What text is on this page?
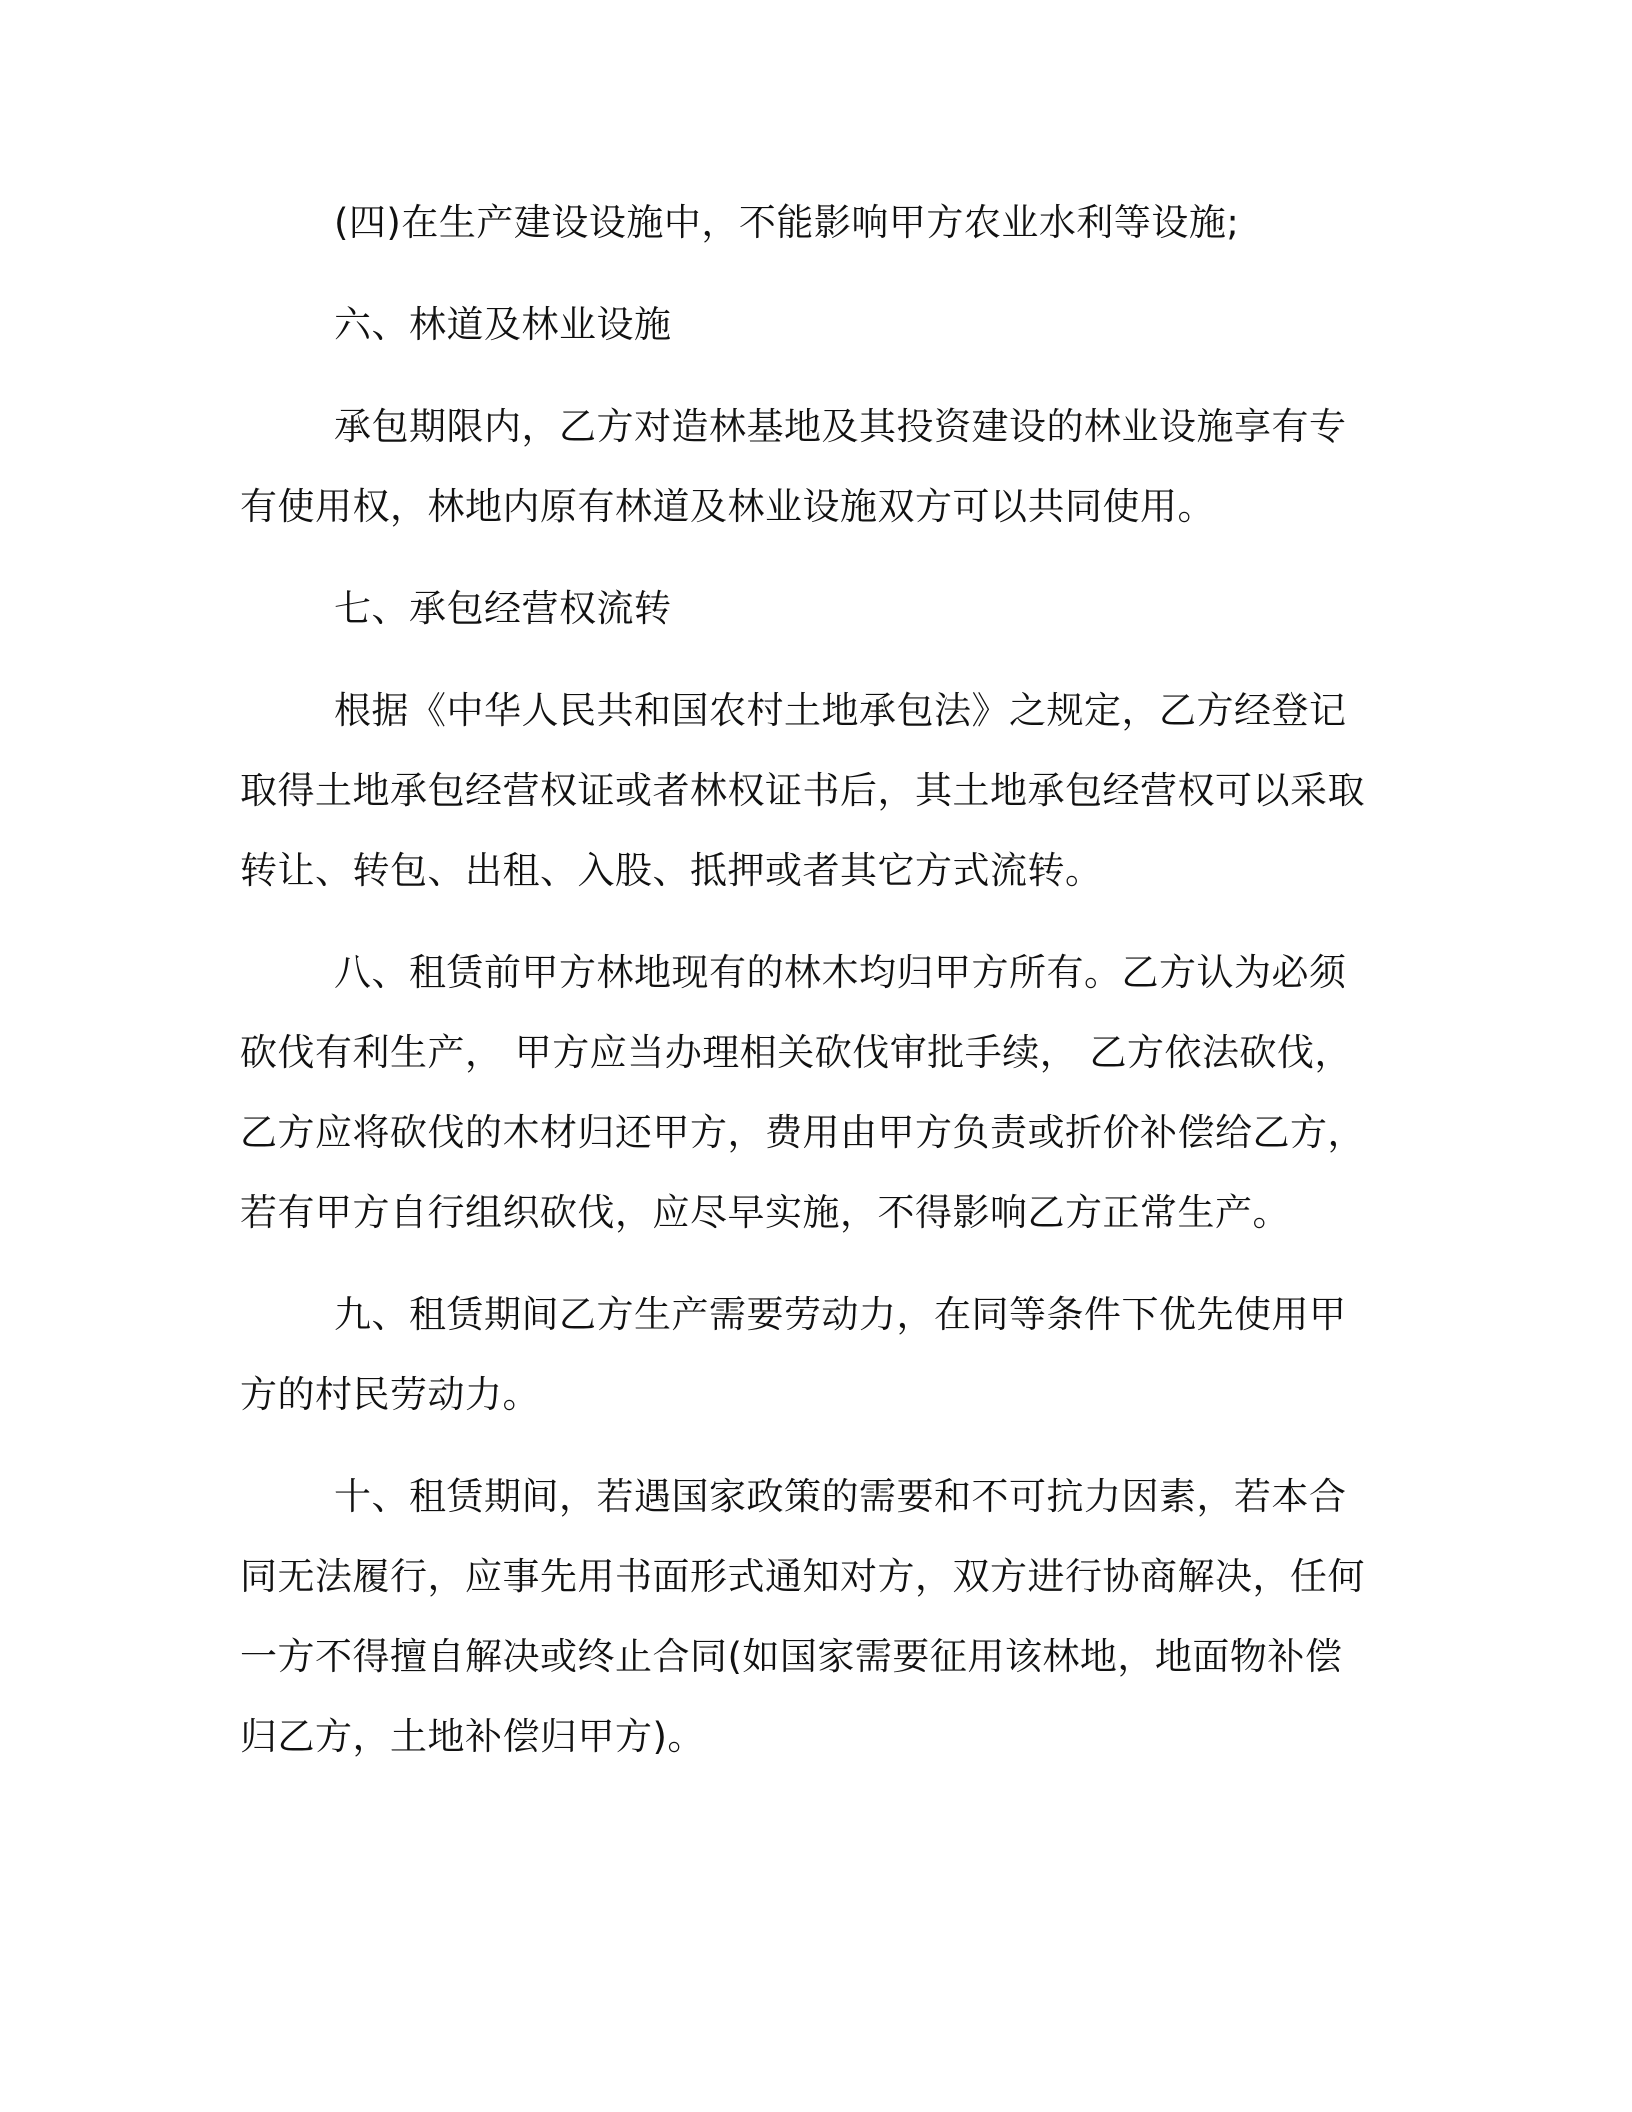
(四)在生产建设设施中，不能影响甲方农业水利等设施;

六、林道及林业设施

承包期限内，乙方对造林基地及其投资建设的林业设施享有专有使用权，林地内原有林道及林业设施双方可以共同使用。

七、承包经营权流转

根据《中华人民共和国农村土地承包法》之规定，乙方经登记取得土地承包经营权证或者林权证书后，其土地承包经营权可以采取转让、转包、出租、入股、抵押或者其它方式流转。

八、租赁前甲方林地现有的林木均归甲方所有。乙方认为必须砍伐有利生产， 甲方应当办理相关砍伐审批手续， 乙方依法砍伐，乙方应将砍伐的木材归还甲方，费用由甲方负责或折价补偿给乙方，若有甲方自行组织砍伐，应尽早实施，不得影响乙方正常生产。

九、租赁期间乙方生产需要劳动力，在同等条件下优先使用甲方的村民劳动力。

十、租赁期间，若遇国家政策的需要和不可抗力因素，若本合同无法履行，应事先用书面形式通知对方，双方进行协商解决，任何一方不得擅自解决或终止合同(如国家需要征用该林地，地面物补偿归乙方，土地补偿归甲方)。
